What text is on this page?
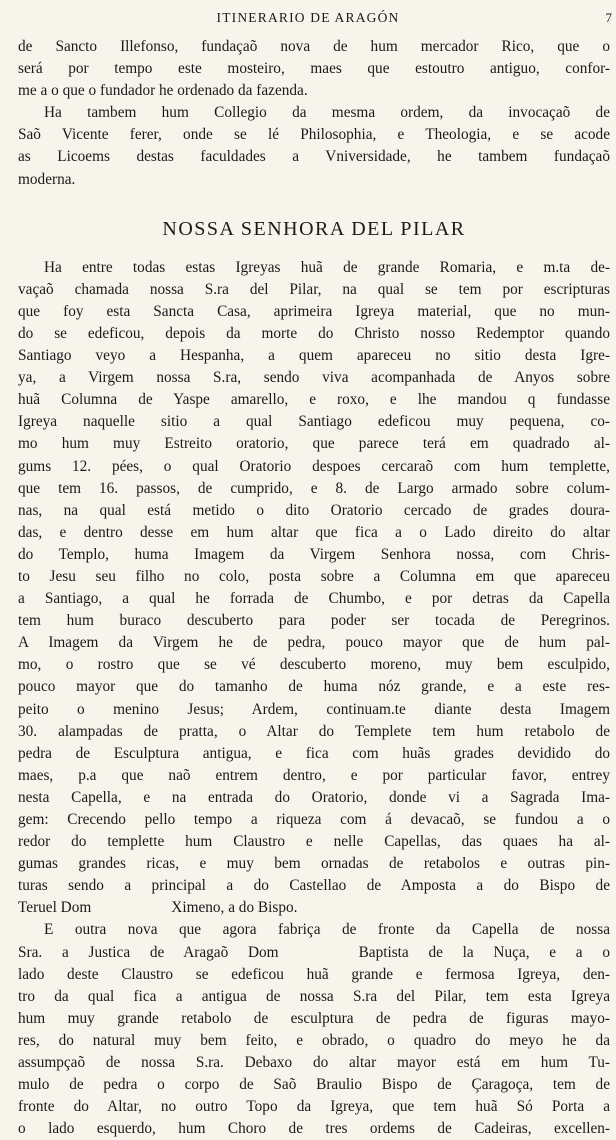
ITINERARIO DE ARAGÓN	7
de Sancto Illefonso, fundaçaõ nova de hum mercador Rico, que o
será por tempo este mosteiro, maes que estoutro antiguo, confor-
me a o que o fundador he ordenado da fazenda.
Ha tambem hum Collegio da mesma ordem, da invocaçaõ de
Saõ Vicente ferer, onde se lé Philosophia, e Theologia, e se acode
as Licoems destas faculdades a Vniversidade, he tambem fundaçaõ
moderna.
NOSSA SENHORA DEL PILAR
Ha entre todas estas Igreyas huã de grande Romaria, e m.ta de-
vaçaõ chamada nossa S.ra del Pilar, na qual se tem por escripturas
que foy esta Sancta Casa, aprimeira Igreya material, que no mun-
do se edeficou, depois da morte do Christo nosso Redemptor quando
Santiago veyo a Hespanha, a quem apareceu no sitio desta Igre-
ya, a Virgem nossa S.ra, sendo viva acompanhada de Anyos sobre
huã Columna de Yaspe amarello, e roxo, e lhe mandou q fundasse
Igreya naquelle sitio a qual Santiago edeficou muy pequena, co-
mo hum muy Estreito oratorio, que parece terá em quadrado al-
gums 12. pées, o qual Oratorio despoes cercaraõ com hum templette,
que tem 16. passos, de cumprido, e 8. de Largo armado sobre colum-
nas, na qual está metido o dito Oratorio cercado de grades doura-
das, e dentro desse em hum altar que fica a o Lado direito do altar
do Templo, huma Imagem da Virgem Senhora nossa, com Chris-
to Jesu seu filho no colo, posta sobre a Columna em que apareceu
a Santiago, a qual he forrada de Chumbo, e por detras da Capella
tem hum buraco descuberto para poder ser tocada de Peregrinos.
A Imagem da Virgem he de pedra, pouco mayor que de hum pal-
mo, o rostro que se vé descuberto moreno, muy bem esculpido,
pouco mayor que do tamanho de huma nóz grande, e a este res-
peito o menino Jesus; Ardem, continuam.te diante desta Imagem
30. alampadas de pratta, o Altar do Templete tem hum retabolo de
pedra de Esculptura antigua, e fica com huãs grades devidido do
maes, p.a que naõ entrem dentro, e por particular favor, entrey
nesta Capella, e na entrada do Oratorio, donde vi a Sagrada Ima-
gem: Crecendo pello tempo a riqueza com á devacaõ, se fundou a o
redor do templette hum Claustro e nelle Capellas, das quaes ha al-
gumas grandes ricas, e muy bem ornadas de retabolos e outras pin-
turas sendo a principal a do Castellao de Amposta a do Bispo de
Teruel Dom	Ximeno, a do Bispo.
E outra nova que agora fabriça de fronte da Capella de nossa
Sra. a Justica de Aragaõ Dom	Baptista de la Nuça, e a o
lado deste Claustro se edeficou huã grande e fermosa Igreya, den-
tro da qual fica a antigua de nossa S.ra del Pilar, tem esta Igreya
hum muy grande retabolo de esculptura de pedra de figuras mayo-
res, do natural muy bem feito, e obrado, o quadro do meyo he da
assumpçaõ de nossa S.ra. Debaxo do altar mayor está em hum Tu-
mulo de pedra o corpo de Saõ Braulio Bispo de Çaragoça, tem de
fronte do Altar, no outro Topo da Igreya, que tem huã Só Porta a
o lado esquerdo, hum Choro de tres ordems de Cadeiras, excellen-
